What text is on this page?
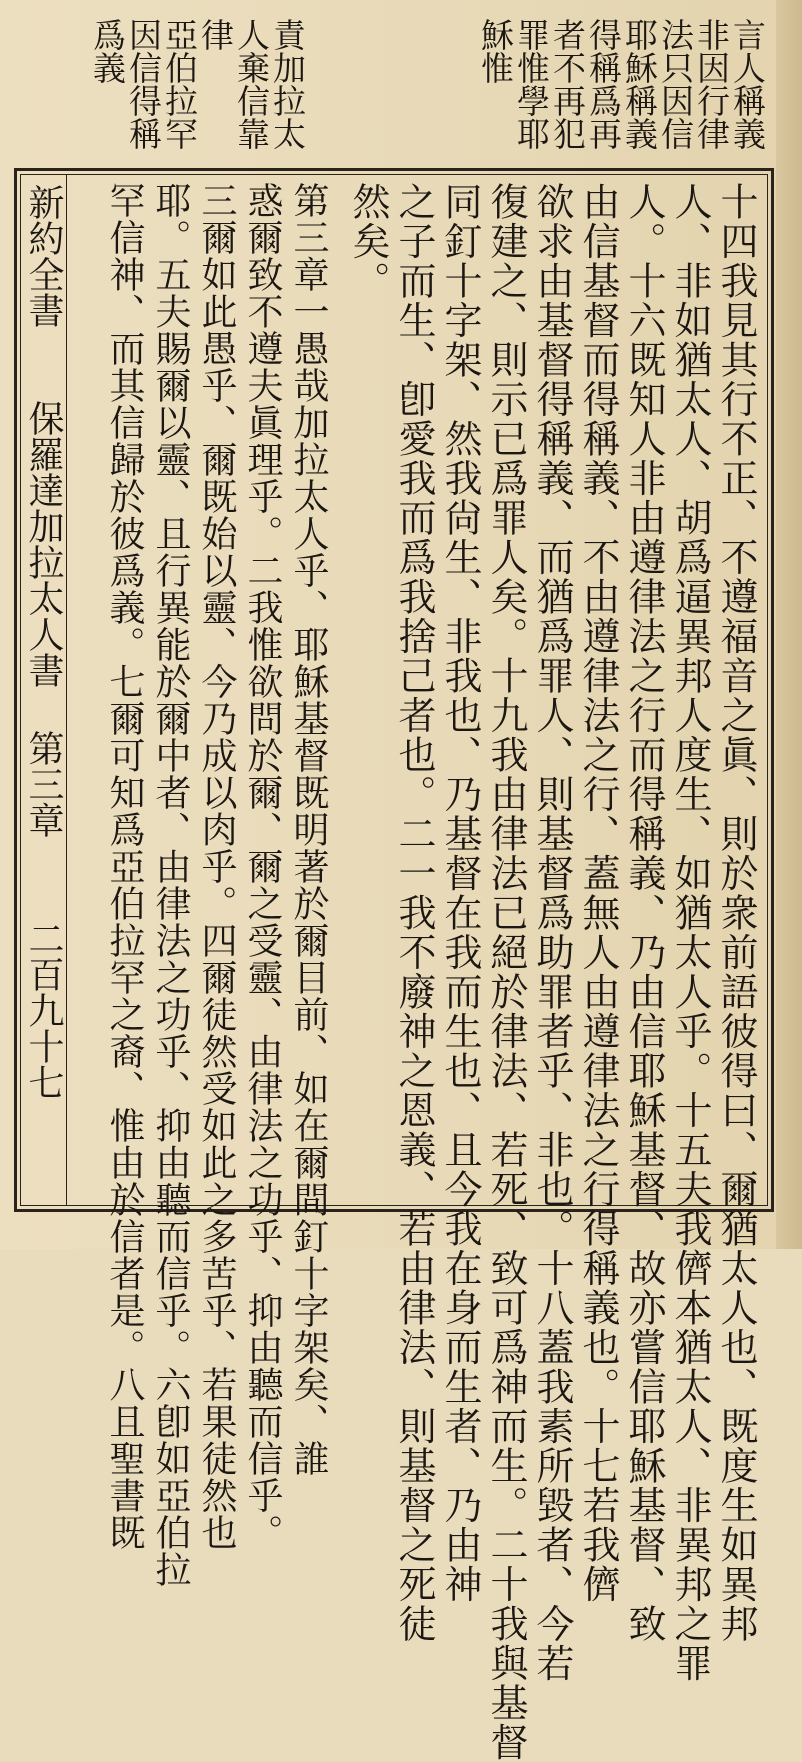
言人稱義
非因行律
法只因信
耶穌稱義
得稱爲再
者不再犯
罪惟學耶
穌惟
責加拉太
人棄信靠
律
亞伯拉罕
因信得稱
爲義
十四我見其行不正、不遵福音之眞、則於衆前語彼得曰、爾猶太人也、既度生如異邦
人、非如猶太人、胡爲逼異邦人度生、如猶太人乎。十五夫我儕本猶太人、非異邦之罪
人。十六既知人非由遵律法之行而得稱義、乃由信耶穌基督、故亦嘗信耶穌基督、致
由信基督而得稱義、不由遵律法之行、蓋無人由遵律法之行得稱義也。十七若我儕
欲求由基督得稱義、而猶爲罪人、則基督爲助罪者乎、非也。十八蓋我素所毀者、今若
復建之、則示已爲罪人矣。十九我由律法已絕於律法、若死、致可爲神而生。二十我與基督
同釘十字架、然我尙生、非我也、乃基督在我而生也、且今我在身而生者、乃由神
之子而生、卽愛我而爲我捨己者也。二一我不廢神之恩義、若由律法、則基督之死徒
然矣。
第三章一愚哉加拉太人乎、耶穌基督既明著於爾目前、如在爾間釘十字架矣、誰
惑爾致不遵夫眞理乎。二我惟欲問於爾、爾之受靈、由律法之功乎、抑由聽而信乎。
三爾如此愚乎、爾既始以靈、今乃成以肉乎。四爾徒然受如此之多苦乎、若果徒然也
耶。五夫賜爾以靈、且行異能於爾中者、由律法之功乎、抑由聽而信乎。六卽如亞伯拉
罕信神、而其信歸於彼爲義。七爾可知爲亞伯拉罕之裔、惟由於信者是。八且聖書既
新約全書
保羅達加拉太人書
第三章
二百九十七
